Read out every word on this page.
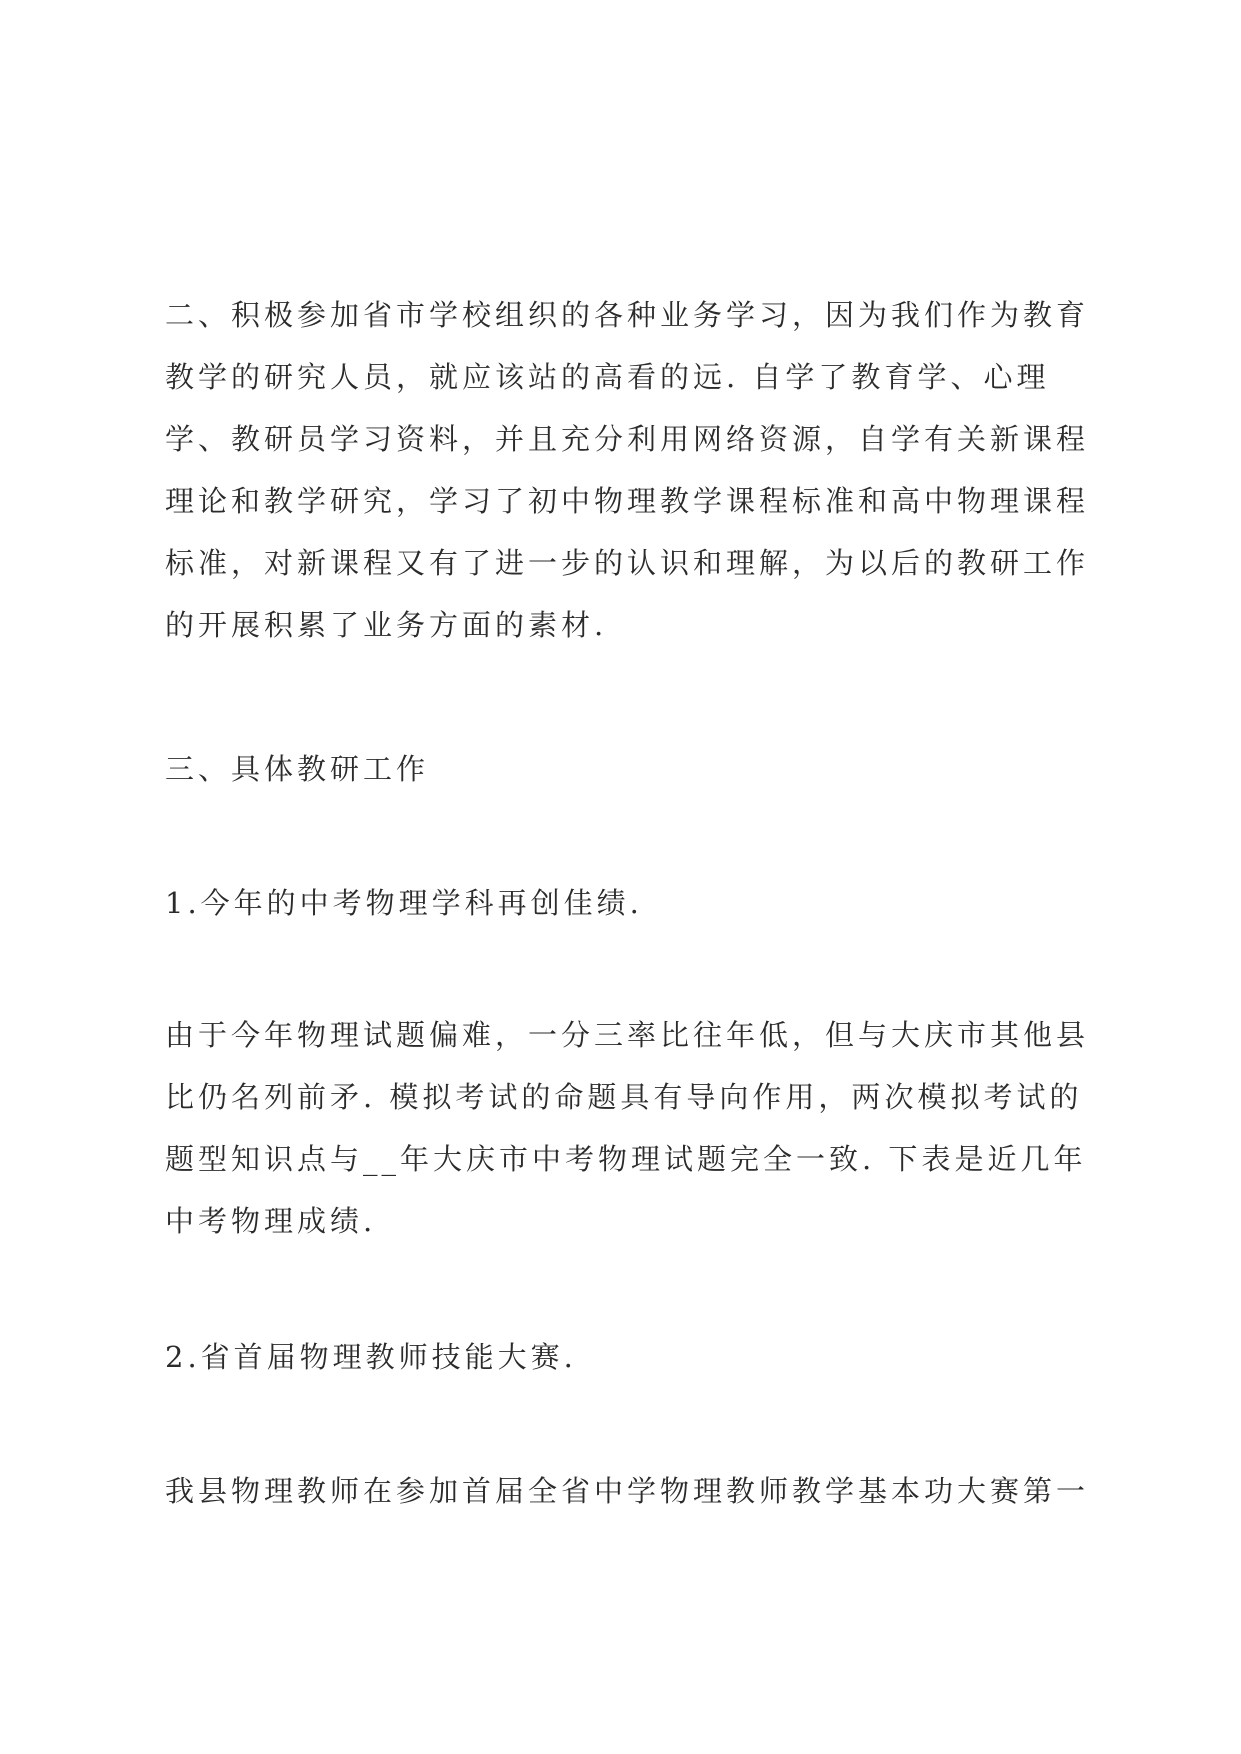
二、积极参加省市学校组织的各种业务学习，因为我们作为教育
教学的研究人员，就应该站的高看的远. 自学了教育学、心理
学、教研员学习资料，并且充分利用网络资源，自学有关新课程
理论和教学研究，学习了初中物理教学课程标准和高中物理课程
标准，对新课程又有了进一步的认识和理解，为以后的教研工作
的开展积累了业务方面的素材.
三、具体教研工作
1.今年的中考物理学科再创佳绩.
由于今年物理试题偏难，一分三率比往年低，但与大庆市其他县
比仍名列前矛. 模拟考试的命题具有导向作用，两次模拟考试的
题型知识点与__年大庆市中考物理试题完全一致. 下表是近几年
中考物理成绩.
2.省首届物理教师技能大赛.
我县物理教师在参加首届全省中学物理教师教学基本功大赛第一
